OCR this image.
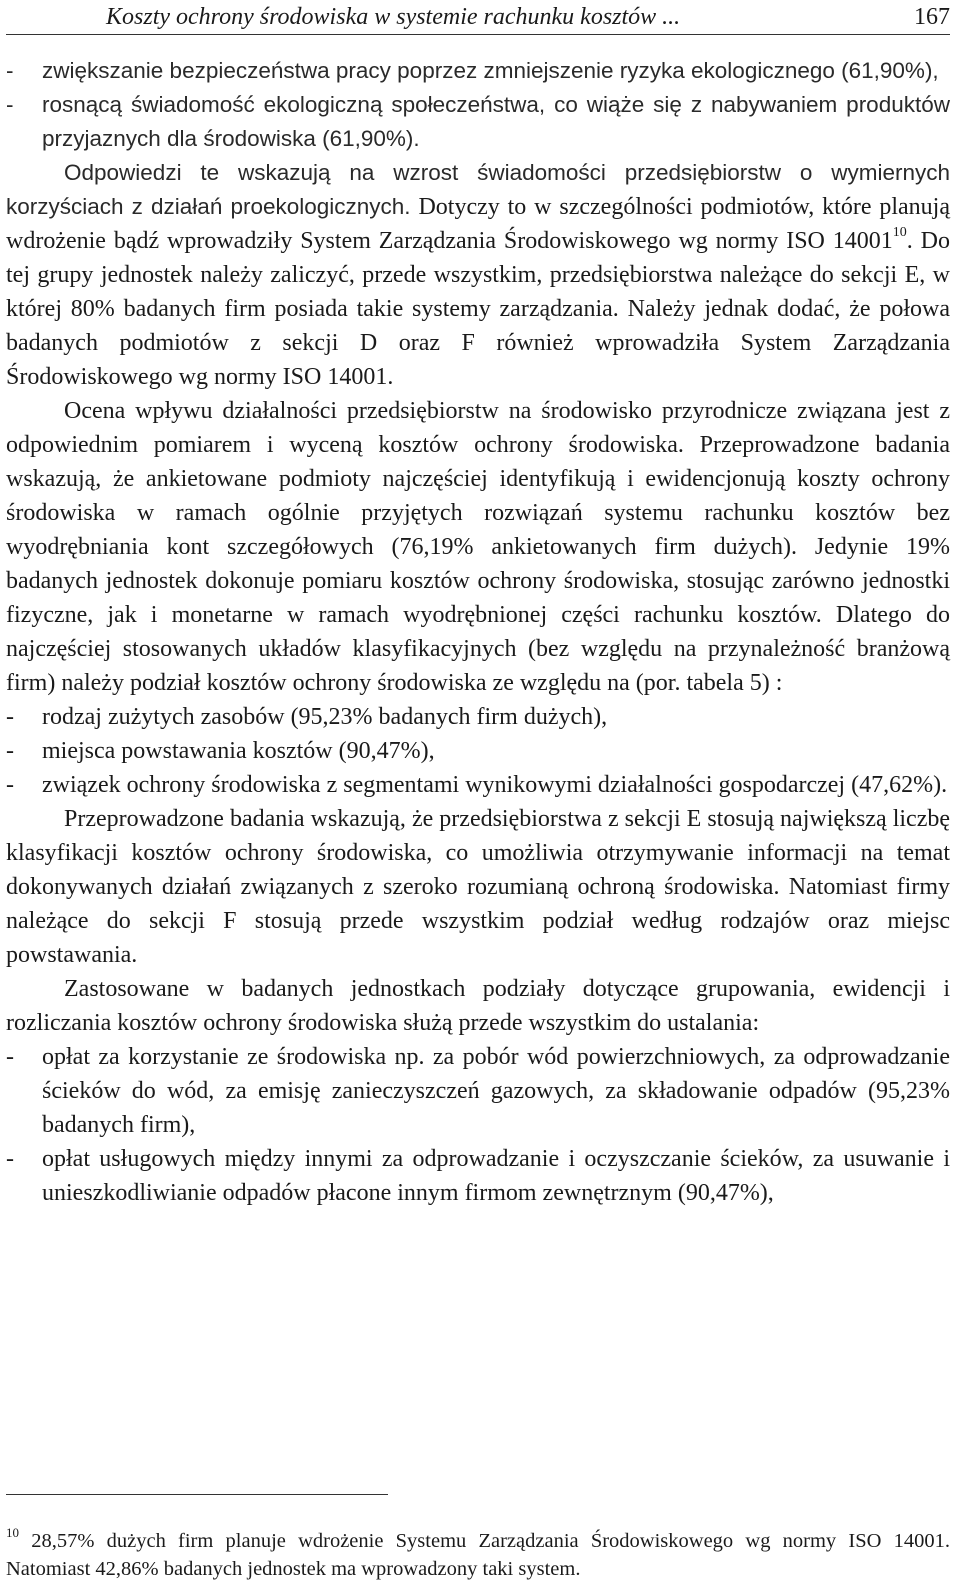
Koszty ochrony środowiska w systemie rachunku kosztów ...	167

- zwiększanie bezpieczeństwa pracy poprzez zmniejszenie ryzyka ekologicznego (61,90%),

- rosnącą świadomość ekologiczną społeczeństwa, co wiąże się z nabywaniem produktów przyjaznych dla środowiska (61,90%).

Odpowiedzi te wskazują na wzrost świadomości przedsiębiorstw o wymiernych korzyściach z działań proekologicznych. Dotyczy to w szczególności podmiotów, które planują wdrożenie bądź wprowadziły System Zarządzania Środowiskowego wg normy ISO 14001$^{10}$. Do tej grupy jednostek należy zaliczyć, przede wszystkim, przedsiębiorstwa należące do sekcji E, w której 80% badanych firm posiada takie systemy zarządzania. Należy jednak dodać, że połowa badanych podmiotów z sekcji D oraz F również wprowadziła System Zarządzania Środowiskowego wg normy ISO 14001.

Ocena wpływu działalności przedsiębiorstw na środowisko przyrodnicze związana jest z odpowiednim pomiarem i wyceną kosztów ochrony środowiska. Przeprowadzone badania wskazują, że ankietowane podmioty najczęściej identyfikują i ewidencjonują koszty ochrony środowiska w ramach ogólnie przyjętych rozwiązań systemu rachunku kosztów bez wyodrębniania kont szczegółowych (76,19% ankietowanych firm dużych). Jedynie 19% badanych jednostek dokonuje pomiaru kosztów ochrony środowiska, stosując zarówno jednostki fizyczne, jak i monetarne w ramach wyodrębnionej części rachunku kosztów. Dlatego do najczęściej stosowanych układów klasyfikacyjnych (bez względu na przynależność branżową firm) należy podział kosztów ochrony środowiska ze względu na (por. tabela 5) :

- rodzaj zużytych zasobów (95,23% badanych firm dużych),

- miejsca powstawania kosztów (90,47%),

- związek ochrony środowiska z segmentami wynikowymi działalności gospodarczej (47,62%).

Przeprowadzone badania wskazują, że przedsiębiorstwa z sekcji E stosują największą liczbę klasyfikacji kosztów ochrony środowiska, co umożliwia otrzymywanie informacji na temat dokonywanych działań związanych z szeroko rozumianą ochroną środowiska. Natomiast firmy należące do sekcji F stosują przede wszystkim podział według rodzajów oraz miejsc powstawania.

Zastosowane w badanych jednostkach podziały dotyczące grupowania, ewidencji i rozliczania kosztów ochrony środowiska służą przede wszystkim do ustalania:

- opłat za korzystanie ze środowiska np. za pobór wód powierzchniowych, za odprowadzanie ścieków do wód, za emisję zanieczyszczeń gazowych, za składowanie odpadów (95,23% badanych firm),

- opłat usługowych między innymi za odprowadzanie i oczyszczanie ścieków, za usuwanie i unieszkodliwianie odpadów płacone innym firmom zewnętrznym (90,47%),

$^{10}$ 28,57% dużych firm planuje wdrożenie Systemu Zarządzania Środowiskowego wg normy ISO 14001. Natomiast 42,86% badanych jednostek ma wprowadzony taki system.
